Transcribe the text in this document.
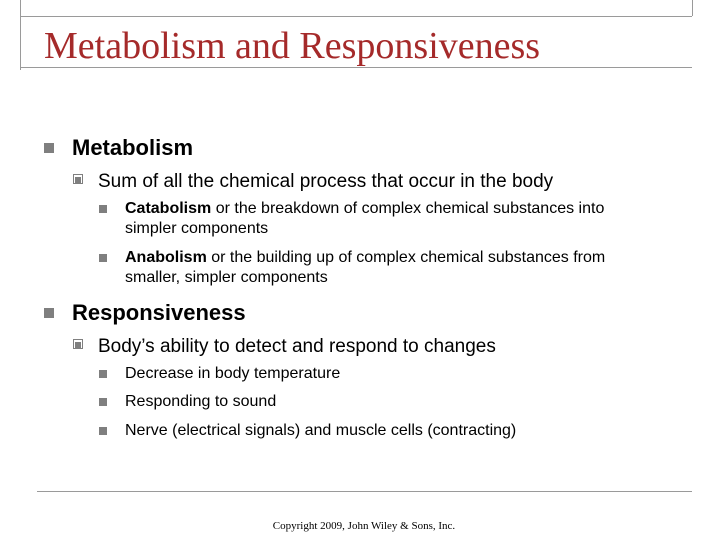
Metabolism and Responsiveness
Metabolism
Sum of all the chemical process that occur in the body
Catabolism or the breakdown of complex chemical substances into simpler components
Anabolism or the building up of complex chemical substances from smaller, simpler components
Responsiveness
Body’s ability to detect and respond to changes
Decrease in body temperature
Responding to sound
Nerve (electrical signals) and muscle cells (contracting)
Copyright 2009, John Wiley & Sons, Inc.
